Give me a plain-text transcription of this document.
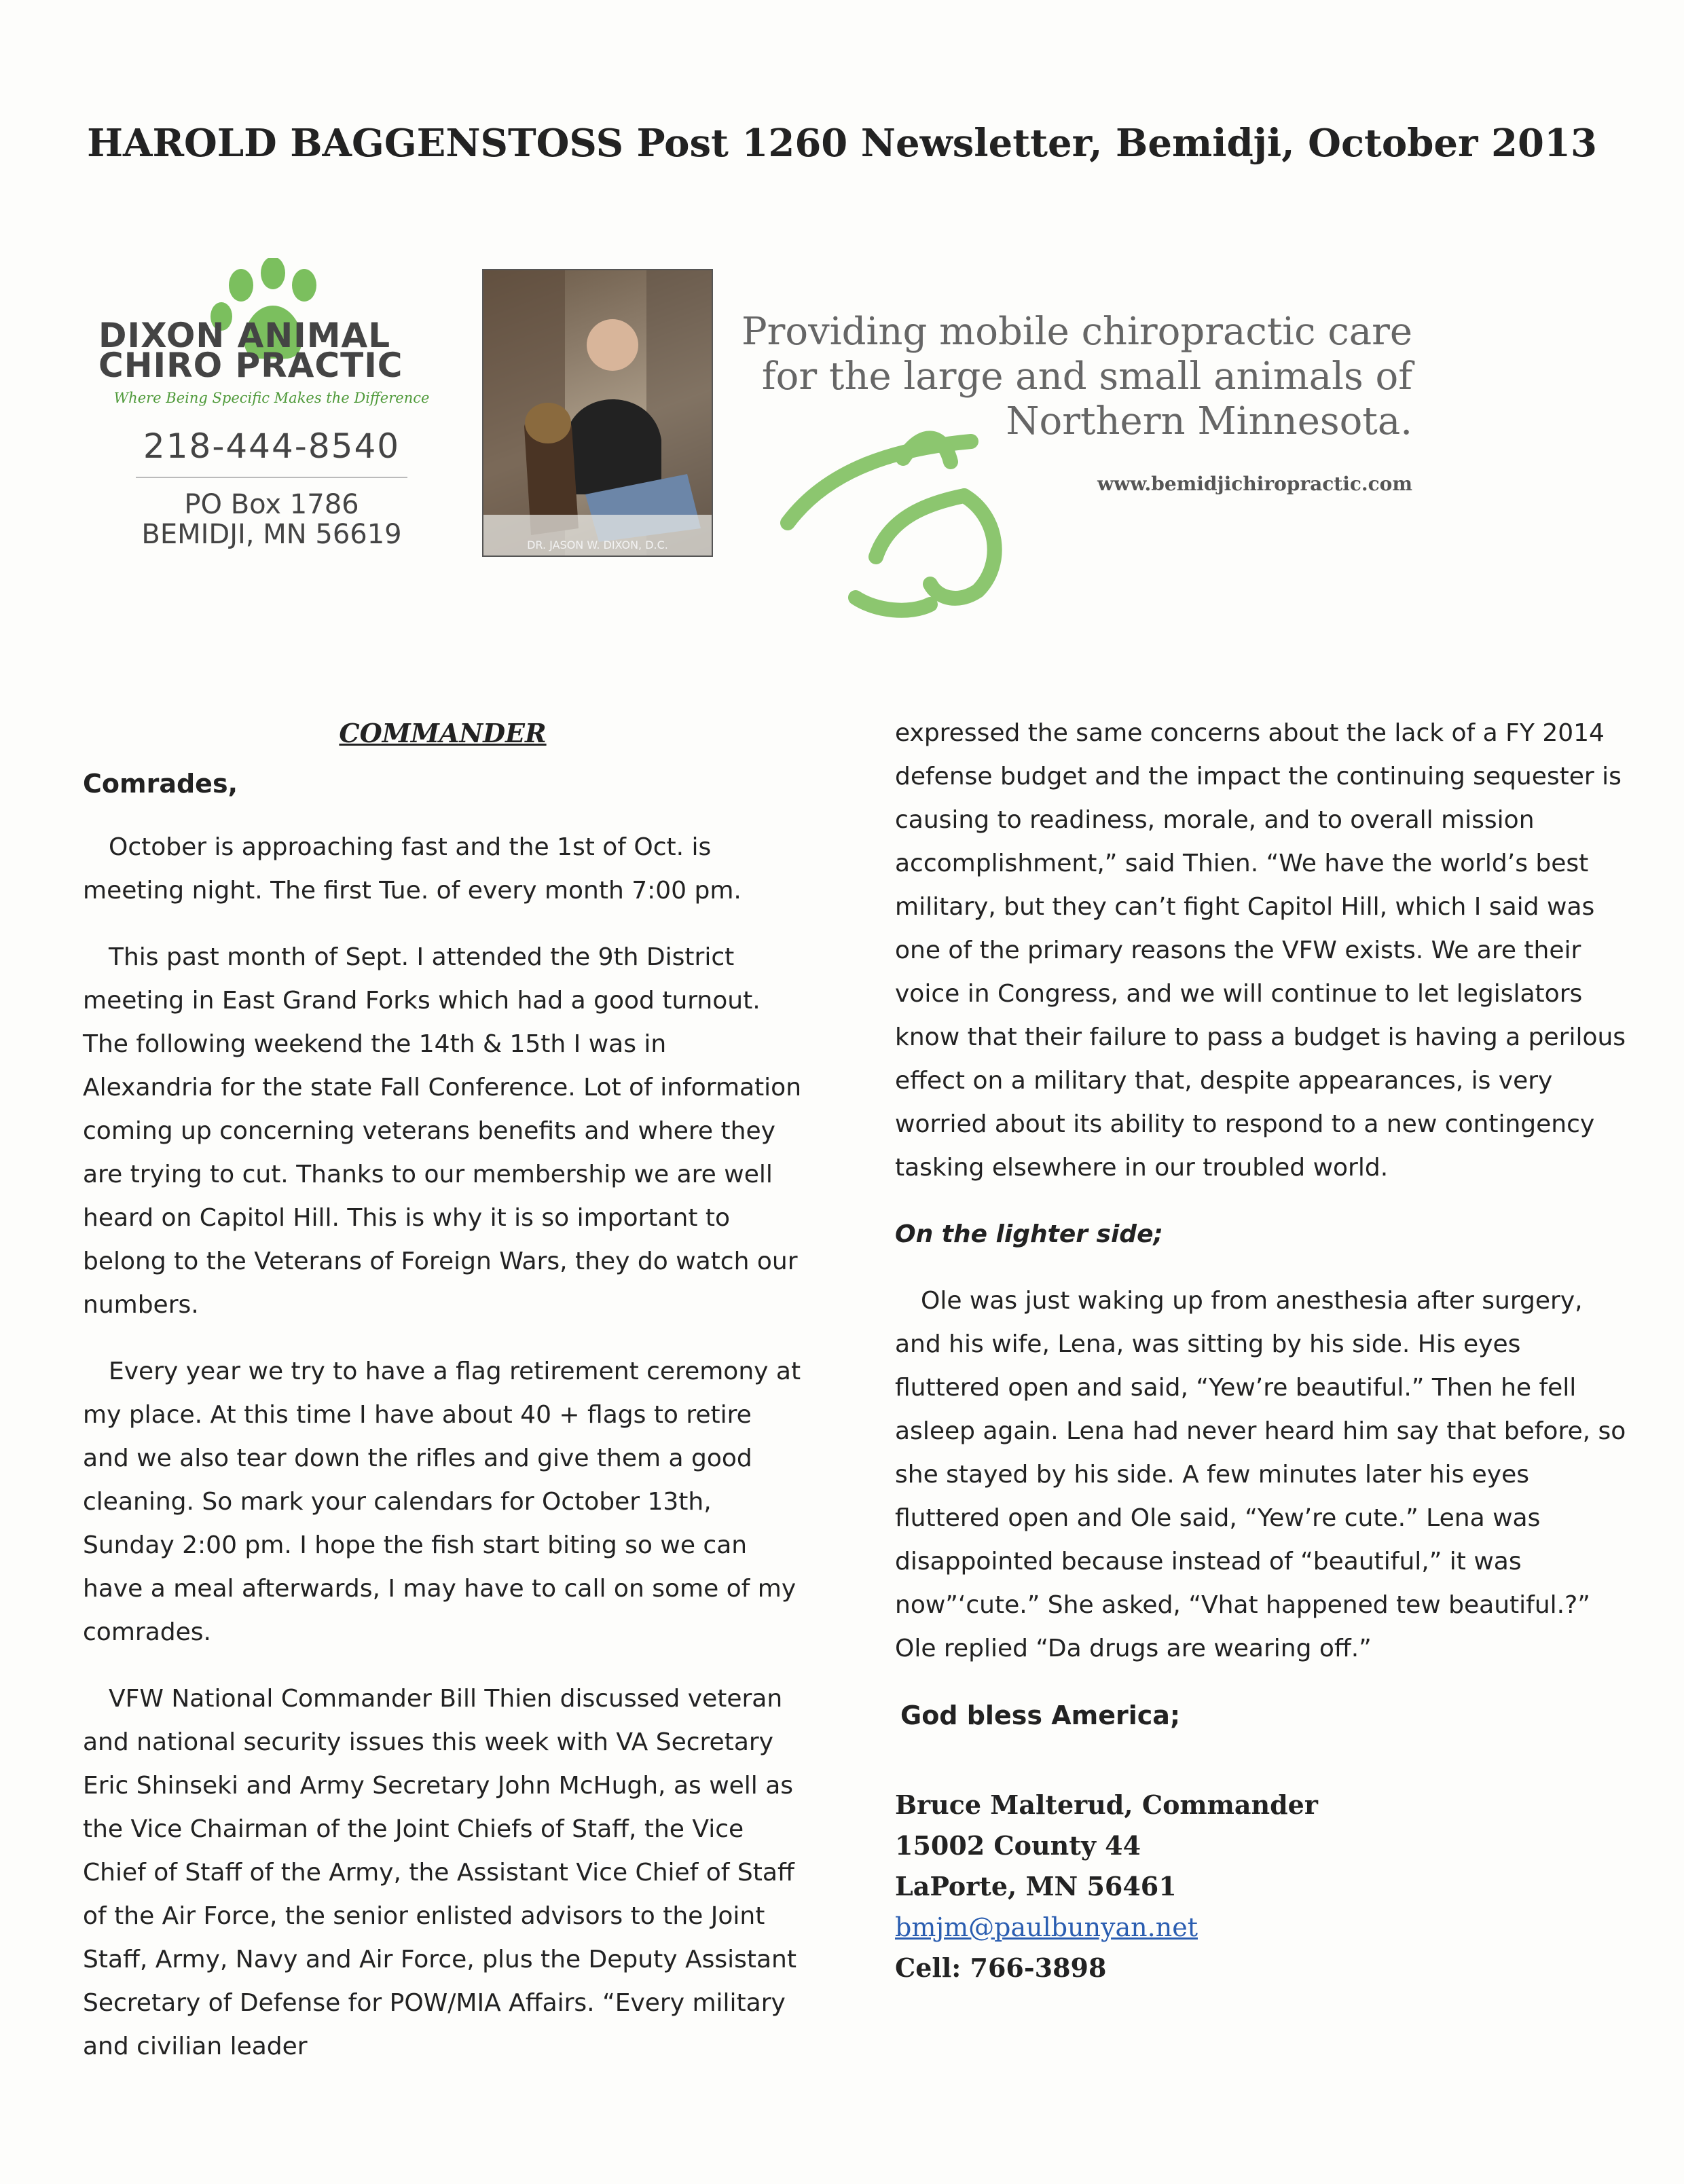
HAROLD BAGGENSTOSS Post 1260 Newsletter, Bemidji, October 2013
DIXON ANIMAL
CHIRO PRACTIC
Where Being Specific Makes the Difference
218-444-8540
PO Box 1786
BEMIDJI, MN 56619	DR. JASON W. DIXON, D.C.
Providing mobile chiropractic care
for the large and small animals of
Northern Minnesota.
www.bemidjichiropractic.com
COMMANDER
Comrades,

October is approaching fast and the 1st of Oct. is meeting night. The first Tue. of every month 7:00 pm.

This past month of Sept. I attended the 9th District meeting in East Grand Forks which had a good turnout. The following weekend the 14th & 15th I was in Alexandria for the state Fall Conference. Lot of information coming up concerning veterans benefits and where they are trying to cut. Thanks to our membership we are well heard on Capitol Hill. This is why it is so important to belong to the Veterans of Foreign Wars, they do watch our numbers.

Every year we try to have a flag retirement ceremony at my place. At this time I have about 40 + flags to retire and we also tear down the rifles and give them a good cleaning. So mark your calendars for October 13th, Sunday 2:00 pm. I hope the fish start biting so we can have a meal afterwards, I may have to call on some of my comrades.

VFW National Commander Bill Thien discussed veteran and national security issues this week with VA Secretary Eric Shinseki and Army Secretary John McHugh, as well as the Vice Chairman of the Joint Chiefs of Staff, the Vice Chief of Staff of the Army, the Assistant Vice Chief of Staff of the Air Force, the senior enlisted advisors to the Joint Staff, Army, Navy and Air Force, plus the Deputy Assistant Secretary of Defense for POW/MIA Affairs. “Every military and civilian leader

expressed the same concerns about the lack of a FY 2014 defense budget and the impact the continuing sequester is causing to readiness, morale, and to overall mission accomplishment,” said Thien. “We have the world’s best military, but they can’t fight Capitol Hill, which I said was one of the primary reasons the VFW exists. We are their voice in Congress, and we will continue to let legislators know that their failure to pass a budget is having a perilous effect on a military that, despite appearances, is very worried about its ability to respond to a new contingency tasking elsewhere in our troubled world.

On the lighter side;

Ole was just waking up from anesthesia after surgery, and his wife, Lena, was sitting by his side. His eyes fluttered open and said, “Yew’re beautiful.” Then he fell asleep again. Lena had never heard him say that before, so she stayed by his side. A few minutes later his eyes fluttered open and Ole said, “Yew’re cute.” Lena was disappointed because instead of “beautiful,” it was now”‘cute.” She asked, “Vhat happened tew beautiful.?” Ole replied “Da drugs are wearing off.”

God bless America;
Bruce Malterud, Commander
15002 County 44
LaPorte, MN 56461
bmjm@paulbunyan.net
Cell: 766-3898
